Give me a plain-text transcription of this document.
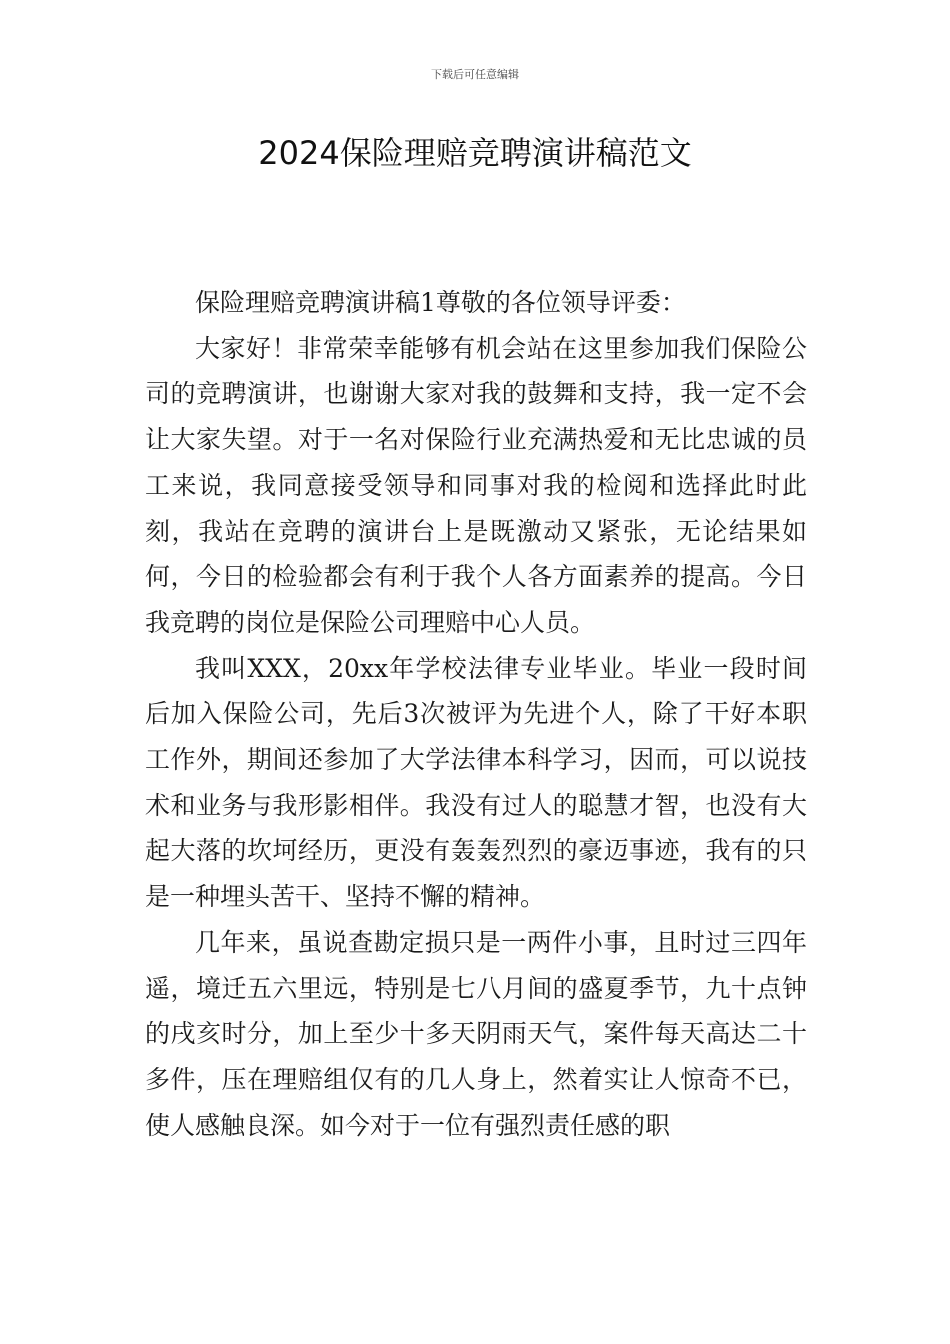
下载后可任意编辑
2024保险理赔竞聘演讲稿范文

保险理赔竞聘演讲稿1尊敬的各位领导评委：

大家好！非常荣幸能够有机会站在这里参加我们保险公司的竞聘演讲，也谢谢大家对我的鼓舞和支持，我一定不会让大家失望。对于一名对保险行业充满热爱和无比忠诚的员工来说，我同意接受领导和同事对我的检阅和选择此时此刻，我站在竞聘的演讲台上是既激动又紧张，无论结果如何，今日的检验都会有利于我个人各方面素养的提高。今日我竞聘的岗位是保险公司理赔中心人员。

我叫XXX，20xx年学校法律专业毕业。毕业一段时间后加入保险公司，先后3次被评为先进个人，除了干好本职工作外，期间还参加了大学法律本科学习，因而，可以说技术和业务与我形影相伴。我没有过人的聪慧才智，也没有大起大落的坎坷经历，更没有轰轰烈烈的豪迈事迹，我有的只是一种埋头苦干、坚持不懈的精神。

几年来，虽说查勘定损只是一两件小事，且时过三四年遥，境迁五六里远，特别是七八月间的盛夏季节，九十点钟的戌亥时分，加上至少十多天阴雨天气，案件每天高达二十多件，压在理赔组仅有的几人身上，然着实让人惊奇不已，使人感触良深。如今对于一位有强烈责任感的职
